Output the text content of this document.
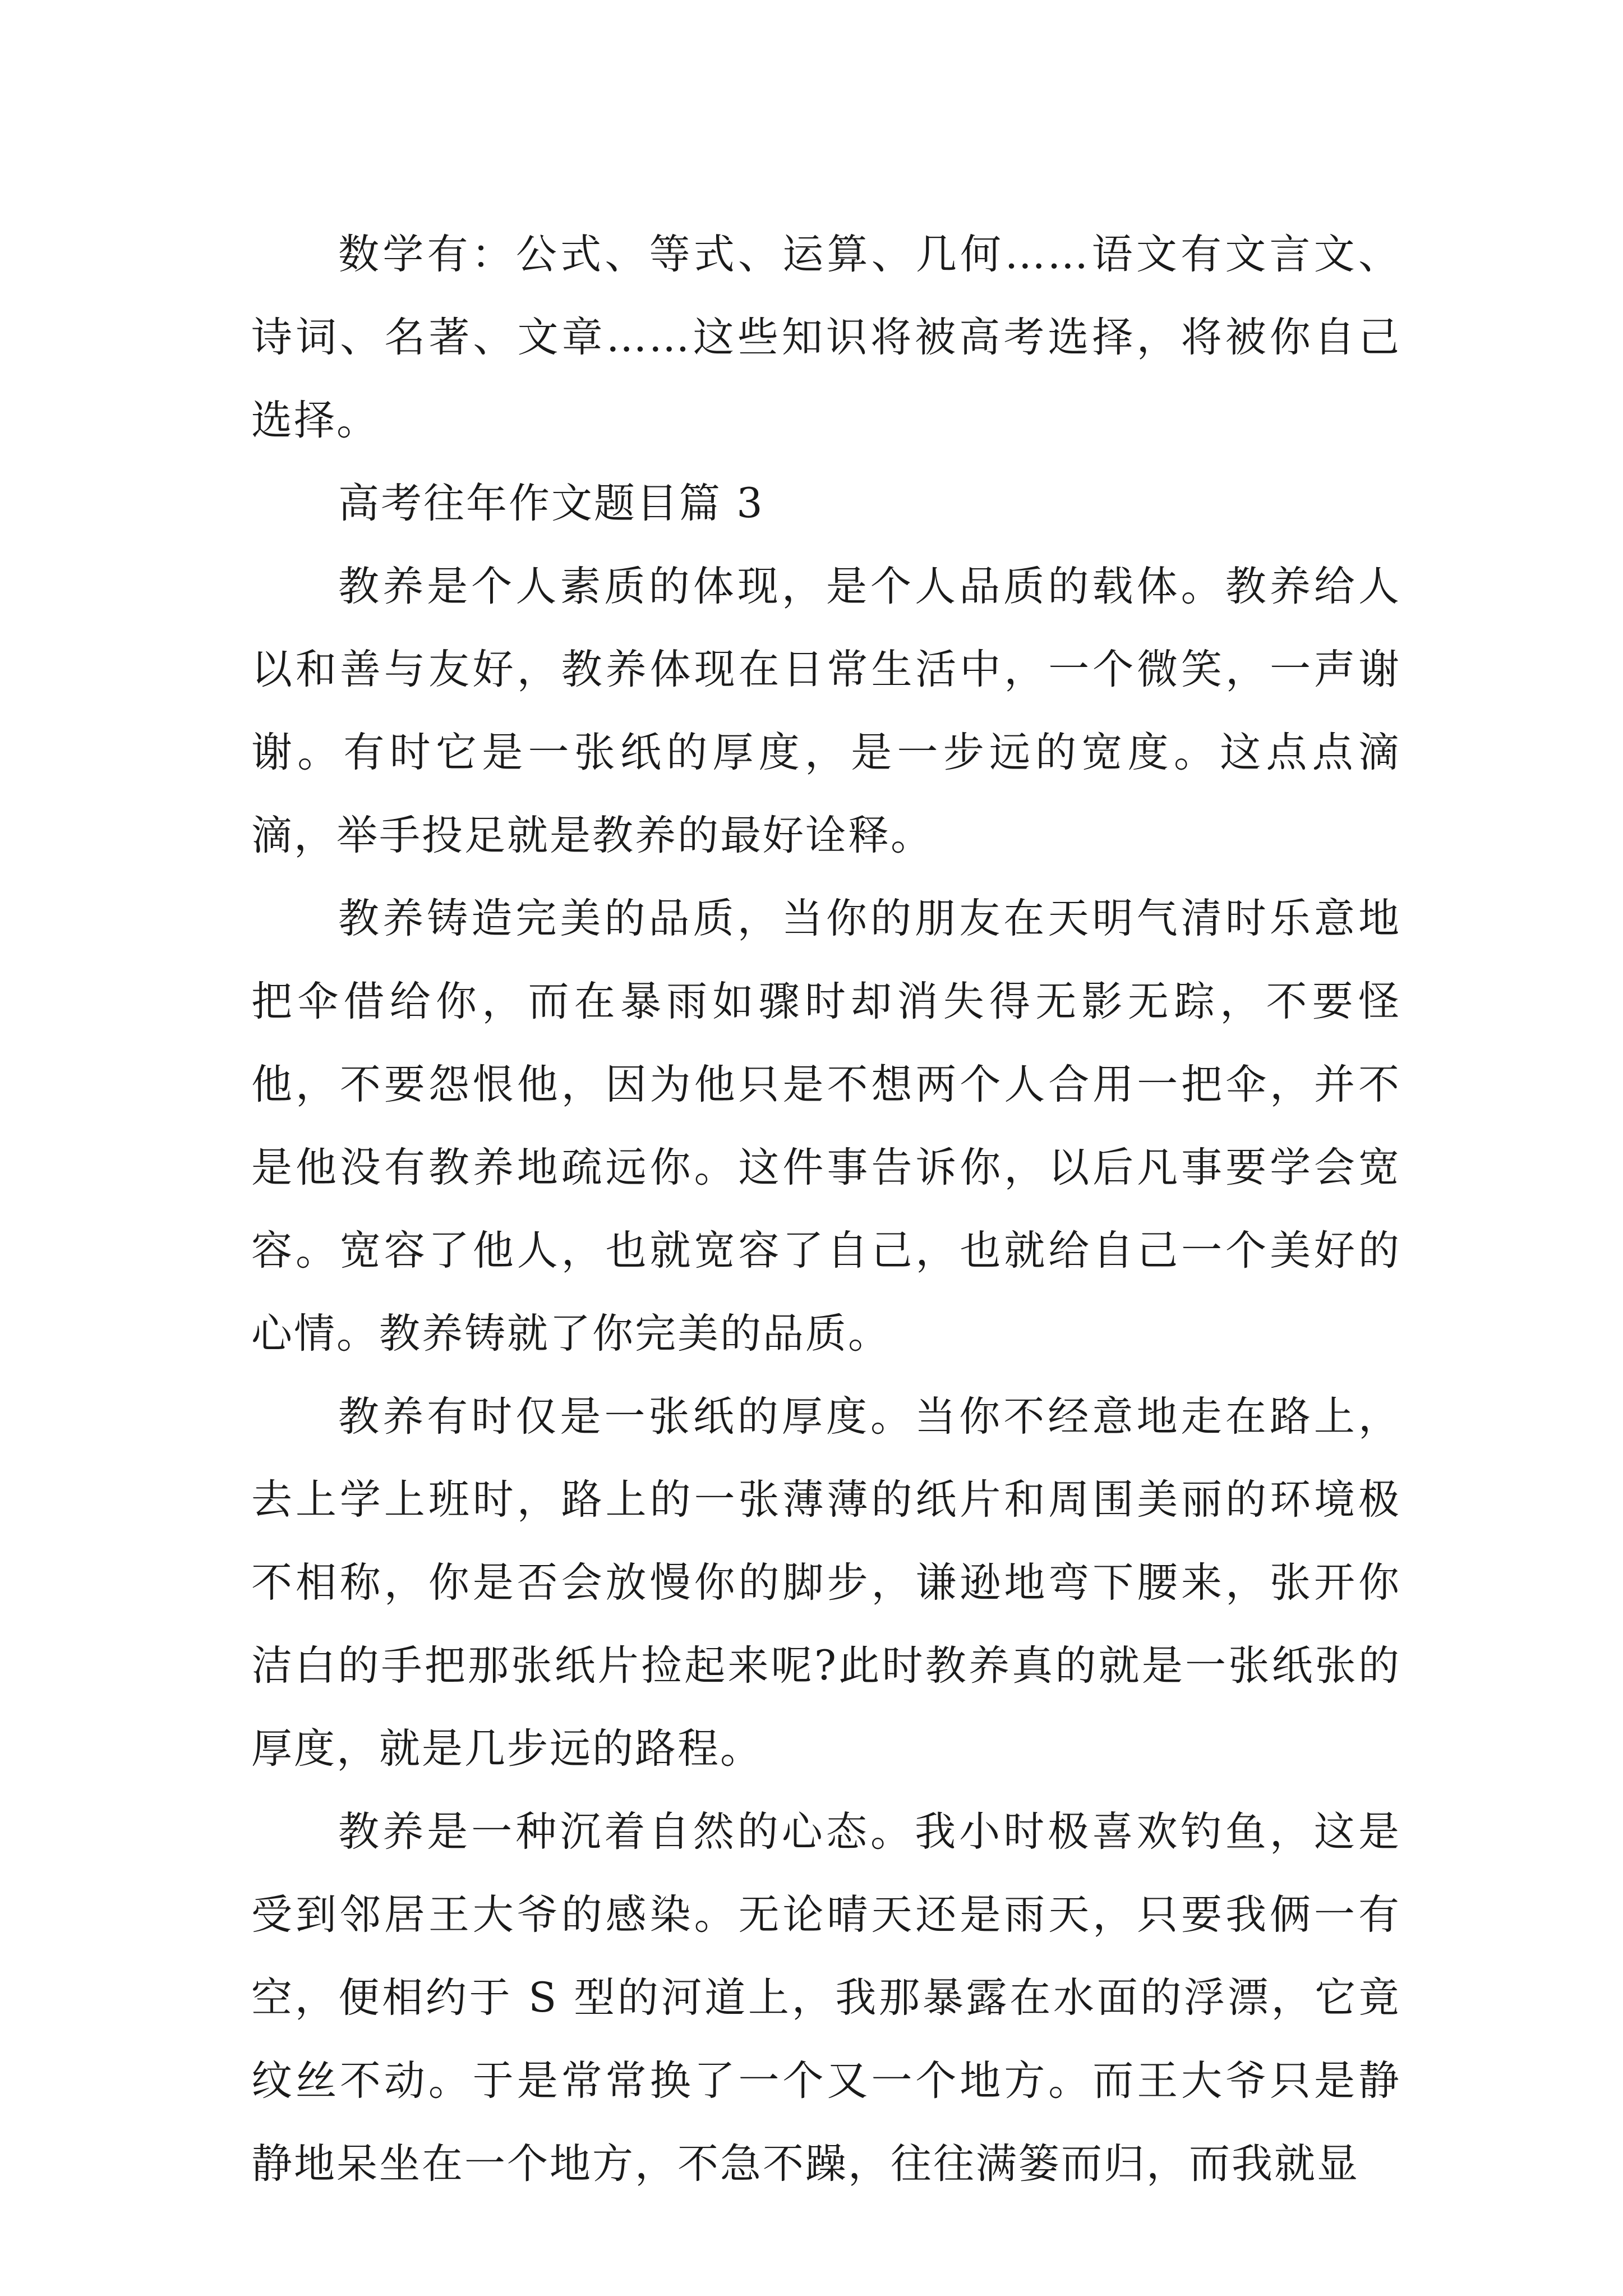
数学有：公式、等式、运算、几何……语文有文言文、诗词、名著、文章……这些知识将被高考选择，将被你自己选择。

高考往年作文题目篇 3

教养是个人素质的体现，是个人品质的载体。教养给人以和善与友好，教养体现在日常生活中，一个微笑，一声谢谢。有时它是一张纸的厚度，是一步远的宽度。这点点滴滴，举手投足就是教养的最好诠释。

教养铸造完美的品质，当你的朋友在天明气清时乐意地把伞借给你，而在暴雨如骤时却消失得无影无踪，不要怪他，不要怨恨他，因为他只是不想两个人合用一把伞，并不是他没有教养地疏远你。这件事告诉你，以后凡事要学会宽容。宽容了他人，也就宽容了自己，也就给自己一个美好的心情。教养铸就了你完美的品质。

教养有时仅是一张纸的厚度。当你不经意地走在路上，去上学上班时，路上的一张薄薄的纸片和周围美丽的环境极不相称，你是否会放慢你的脚步，谦逊地弯下腰来，张开你洁白的手把那张纸片捡起来呢?此时教养真的就是一张纸张的厚度，就是几步远的路程。

教养是一种沉着自然的心态。我小时极喜欢钓鱼，这是受到邻居王大爷的感染。无论晴天还是雨天，只要我俩一有空，便相约于 S 型的河道上，我那暴露在水面的浮漂，它竟纹丝不动。于是常常换了一个又一个地方。而王大爷只是静静地呆坐在一个地方，不急不躁，往往满篓而归，而我就显
